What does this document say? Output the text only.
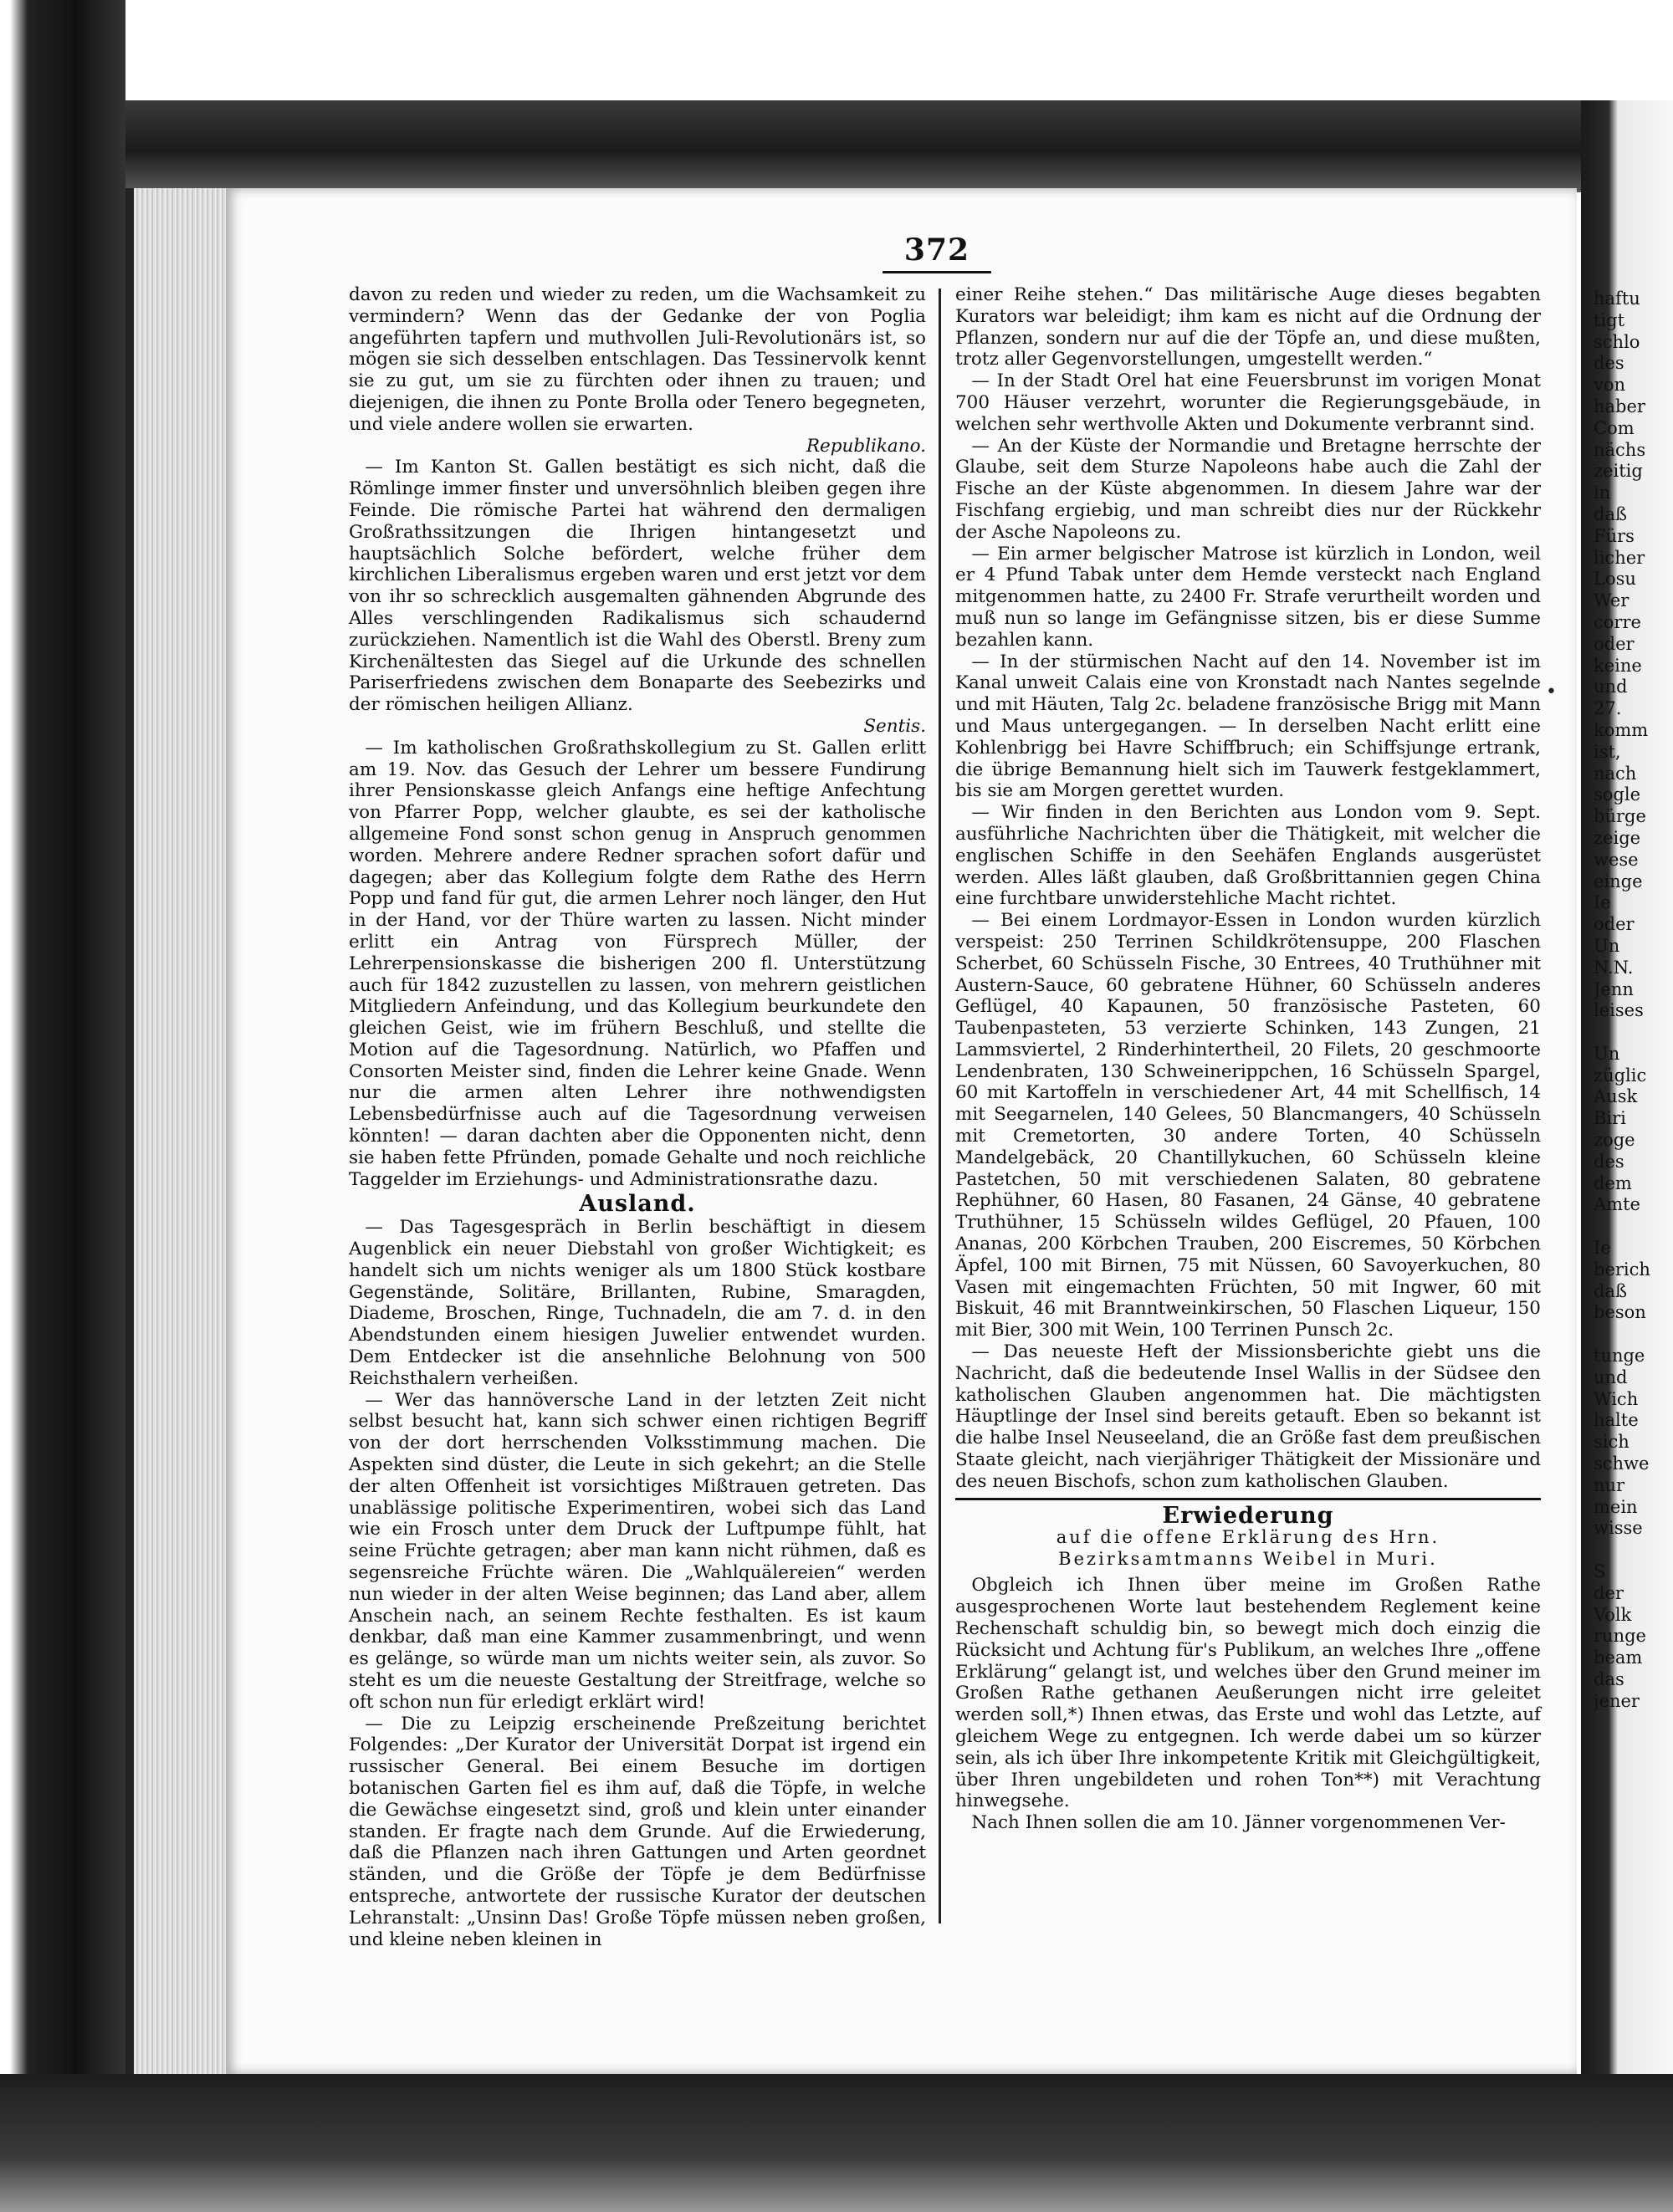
372

davon zu reden und wieder zu reden, um die Wachsamkeit zu vermindern? Wenn das der Gedanke der von Poglia angeführten tapfern und muthvollen Juli-Revolutionärs ist, so mögen sie sich desselben entschlagen. Das Tessinervolk kennt sie zu gut, um sie zu fürchten oder ihnen zu trauen; und diejenigen, die ihnen zu Ponte Brolla oder Tenero begegneten, und viele andere wollen sie erwarten.

Republikano.

— Im Kanton St. Gallen bestätigt es sich nicht, daß die Römlinge immer finster und unversöhnlich bleiben gegen ihre Feinde. Die römische Partei hat während den dermaligen Großrathssitzungen die Ihrigen hintangesetzt und hauptsächlich Solche befördert, welche früher dem kirchlichen Liberalismus ergeben waren und erst jetzt vor dem von ihr so schrecklich ausgemalten gähnenden Abgrunde des Alles verschlingenden Radikalismus sich schaudernd zurückziehen. Namentlich ist die Wahl des Oberstl. Breny zum Kirchenältesten das Siegel auf die Urkunde des schnellen Pariserfriedens zwischen dem Bonaparte des Seebezirks und der römischen heiligen Allianz.

Sentis.

— Im katholischen Großrathskollegium zu St. Gallen erlitt am 19. Nov. das Gesuch der Lehrer um bessere Fundirung ihrer Pensionskasse gleich Anfangs eine heftige Anfechtung von Pfarrer Popp, welcher glaubte, es sei der katholische allgemeine Fond sonst schon genug in Anspruch genommen worden. Mehrere andere Redner sprachen sofort dafür und dagegen; aber das Kollegium folgte dem Rathe des Herrn Popp und fand für gut, die armen Lehrer noch länger, den Hut in der Hand, vor der Thüre warten zu lassen. Nicht minder erlitt ein Antrag von Fürsprech Müller, der Lehrerpensionskasse die bisherigen 200 fl. Unterstützung auch für 1842 zuzustellen zu lassen, von mehrern geistlichen Mitgliedern Anfeindung, und das Kollegium beurkundete den gleichen Geist, wie im frühern Beschluß, und stellte die Motion auf die Tagesordnung. Natürlich, wo Pfaffen und Consorten Meister sind, finden die Lehrer keine Gnade. Wenn nur die armen alten Lehrer ihre nothwendigsten Lebensbedürfnisse auch auf die Tagesordnung verweisen könnten! — daran dachten aber die Opponenten nicht, denn sie haben fette Pfründen, pomade Gehalte und noch reichliche Taggelder im Erziehungs- und Administrationsrathe dazu.

Ausland.

— Das Tagesgespräch in Berlin beschäftigt in diesem Augenblick ein neuer Diebstahl von großer Wichtigkeit; es handelt sich um nichts weniger als um 1800 Stück kostbare Gegenstände, Solitäre, Brillanten, Rubine, Smaragden, Diademe, Broschen, Ringe, Tuchnadeln, die am 7. d. in den Abendstunden einem hiesigen Juwelier entwendet wurden. Dem Entdecker ist die ansehnliche Belohnung von 500 Reichsthalern verheißen.

— Wer das hannöversche Land in der letzten Zeit nicht selbst besucht hat, kann sich schwer einen richtigen Begriff von der dort herrschenden Volksstimmung machen. Die Aspekten sind düster, die Leute in sich gekehrt; an die Stelle der alten Offenheit ist vorsichtiges Mißtrauen getreten. Das unablässige politische Experimentiren, wobei sich das Land wie ein Frosch unter dem Druck der Luftpumpe fühlt, hat seine Früchte getragen; aber man kann nicht rühmen, daß es segensreiche Früchte wären. Die „Wahlquälereien“ werden nun wieder in der alten Weise beginnen; das Land aber, allem Anschein nach, an seinem Rechte festhalten. Es ist kaum denkbar, daß man eine Kammer zusammenbringt, und wenn es gelänge, so würde man um nichts weiter sein, als zuvor. So steht es um die neueste Gestaltung der Streitfrage, welche so oft schon nun für erledigt erklärt wird!

— Die zu Leipzig erscheinende Preßzeitung berichtet Folgendes: „Der Kurator der Universität Dorpat ist irgend ein russischer General. Bei einem Besuche im dortigen botanischen Garten fiel es ihm auf, daß die Töpfe, in welche die Gewächse eingesetzt sind, groß und klein unter einander standen. Er fragte nach dem Grunde. Auf die Erwiederung, daß die Pflanzen nach ihren Gattungen und Arten geordnet ständen, und die Größe der Töpfe je dem Bedürfnisse entspreche, antwortete der russische Kurator der deutschen Lehranstalt: „Unsinn Das! Große Töpfe müssen neben großen, und kleine neben kleinen in

einer Reihe stehen.“ Das militärische Auge dieses begabten Kurators war beleidigt; ihm kam es nicht auf die Ordnung der Pflanzen, sondern nur auf die der Töpfe an, und diese mußten, trotz aller Gegenvorstellungen, umgestellt werden.“

— In der Stadt Orel hat eine Feuersbrunst im vorigen Monat 700 Häuser verzehrt, worunter die Regierungsgebäude, in welchen sehr werthvolle Akten und Dokumente verbrannt sind.

— An der Küste der Normandie und Bretagne herrschte der Glaube, seit dem Sturze Napoleons habe auch die Zahl der Fische an der Küste abgenommen. In diesem Jahre war der Fischfang ergiebig, und man schreibt dies nur der Rückkehr der Asche Napoleons zu.

— Ein armer belgischer Matrose ist kürzlich in London, weil er 4 Pfund Tabak unter dem Hemde versteckt nach England mitgenommen hatte, zu 2400 Fr. Strafe verurtheilt worden und muß nun so lange im Gefängnisse sitzen, bis er diese Summe bezahlen kann.

— In der stürmischen Nacht auf den 14. November ist im Kanal unweit Calais eine von Kronstadt nach Nantes segelnde und mit Häuten, Talg 2c. beladene französische Brigg mit Mann und Maus untergegangen. — In derselben Nacht erlitt eine Kohlenbrigg bei Havre Schiffbruch; ein Schiffsjunge ertrank, die übrige Bemannung hielt sich im Tauwerk festgeklammert, bis sie am Morgen gerettet wurden.

— Wir finden in den Berichten aus London vom 9. Sept. ausführliche Nachrichten über die Thätigkeit, mit welcher die englischen Schiffe in den Seehäfen Englands ausgerüstet werden. Alles läßt glauben, daß Großbrittannien gegen China eine furchtbare unwiderstehliche Macht richtet.

— Bei einem Lordmayor-Essen in London wurden kürzlich verspeist: 250 Terrinen Schildkrötensuppe, 200 Flaschen Scherbet, 60 Schüsseln Fische, 30 Entrees, 40 Truthühner mit Austern-Sauce, 60 gebratene Hühner, 60 Schüsseln anderes Geflügel, 40 Kapaunen, 50 französische Pasteten, 60 Taubenpasteten, 53 verzierte Schinken, 143 Zungen, 21 Lammsviertel, 2 Rinderhintertheil, 20 Filets, 20 geschmoorte Lendenbraten, 130 Schweinerippchen, 16 Schüsseln Spargel, 60 mit Kartoffeln in verschiedener Art, 44 mit Schellfisch, 14 mit Seegarnelen, 140 Gelees, 50 Blancmangers, 40 Schüsseln mit Cremetorten, 30 andere Torten, 40 Schüsseln Mandelgebäck, 20 Chantillykuchen, 60 Schüsseln kleine Pastetchen, 50 mit verschiedenen Salaten, 80 gebratene Rephühner, 60 Hasen, 80 Fasanen, 24 Gänse, 40 gebratene Truthühner, 15 Schüsseln wildes Geflügel, 20 Pfauen, 100 Ananas, 200 Körbchen Trauben, 200 Eiscremes, 50 Körbchen Äpfel, 100 mit Birnen, 75 mit Nüssen, 60 Savoyerkuchen, 80 Vasen mit eingemachten Früchten, 50 mit Ingwer, 60 mit Biskuit, 46 mit Branntweinkirschen, 50 Flaschen Liqueur, 150 mit Bier, 300 mit Wein, 100 Terrinen Punsch 2c.

— Das neueste Heft der Missionsberichte giebt uns die Nachricht, daß die bedeutende Insel Wallis in der Südsee den katholischen Glauben angenommen hat. Die mächtigsten Häuptlinge der Insel sind bereits getauft. Eben so bekannt ist die halbe Insel Neuseeland, die an Größe fast dem preußischen Staate gleicht, nach vierjähriger Thätigkeit der Missionäre und des neuen Bischofs, schon zum katholischen Glauben.

Erwiederung
auf die offene Erklärung des Hrn. Bezirksamtmanns Weibel in Muri.

Obgleich ich Ihnen über meine im Großen Rathe ausgesprochenen Worte laut bestehendem Reglement keine Rechenschaft schuldig bin, so bewegt mich doch einzig die Rücksicht und Achtung für's Publikum, an welches Ihre „offene Erklärung“ gelangt ist, und welches über den Grund meiner im Großen Rathe gethanen Aeußerungen nicht irre geleitet werden soll,*) Ihnen etwas, das Erste und wohl das Letzte, auf gleichem Wege zu entgegnen. Ich werde dabei um so kürzer sein, als ich über Ihre inkompetente Kritik mit Gleichgültigkeit, über Ihren ungebildeten und rohen Ton**) mit Verachtung hinwegsehe.

Nach Ihnen sollen die am 10. Jänner vorgenommenen Ver-

•
haftu
tigt
schlo
des
von
haber
Com
nächs
zeitig
in
daß
Fürs
licher
Losu
Wer
corre
oder
keine
und
27.
komm
ist,
nach
sogle
bürge
zeige
wese
einge
Ie
oder
Un
N.N.
Jenn
leises

Un
züglic
Ausk
Biri
zoge
des
dem
Amte

Ie
berich
daß
beson

tunge
und
Wich
halte
sich
schwe
nur
mein
wisse

S
der
Volk
runge
beam
das
jener
